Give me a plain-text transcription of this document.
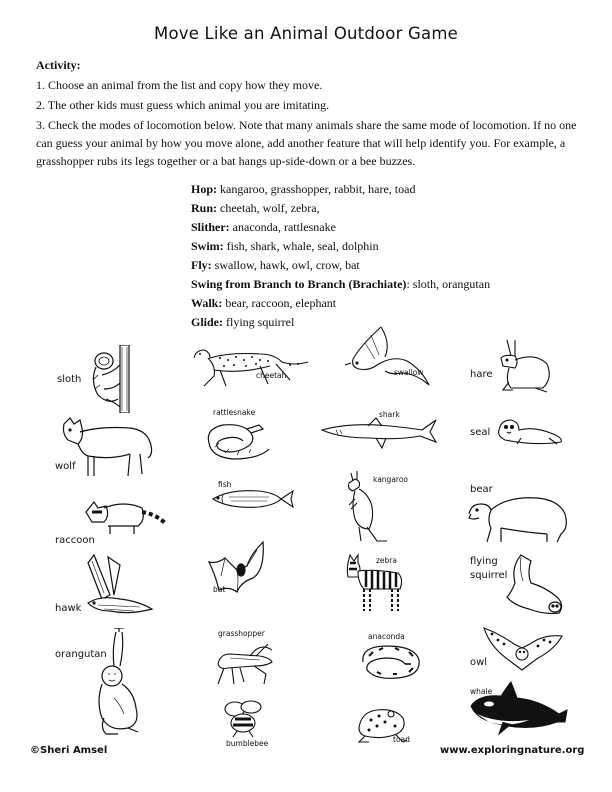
Move Like an Animal Outdoor Game

Activity:

1. Choose an animal from the list and copy how they move.

2. The other kids must guess which animal you are imitating.

3. Check the modes of locomotion below. Note that many animals share the same mode of locomotion. If no one can guess your animal by how you move alone, add another feature that will help identify you. For example, a grasshopper rubs its legs together or a bat hangs up-side-down or a bee buzzes.

Hop: kangaroo, grasshopper, rabbit, hare, toad
Run: cheetah, wolf, zebra,
Slither: anaconda, rattlesnake
Swim: fish, shark, whale, seal, dolphin
Fly: swallow, hawk, owl, crow, bat
Swing from Branch to Branch (Brachiate): sloth, orangutan
Walk: bear, raccoon, elephant
Glide: flying squirrel
sloth
wolf
raccoon
hawk
orangutan
cheetah
rattlesnake
fish
bat
grasshopper
bumblebee
swallow
shark
kangaroo
zebra
anaconda
toad
hare
seal
bear
flying
squirrel
owl
whale
©Sheri Amsel	www.exploringnature.org
